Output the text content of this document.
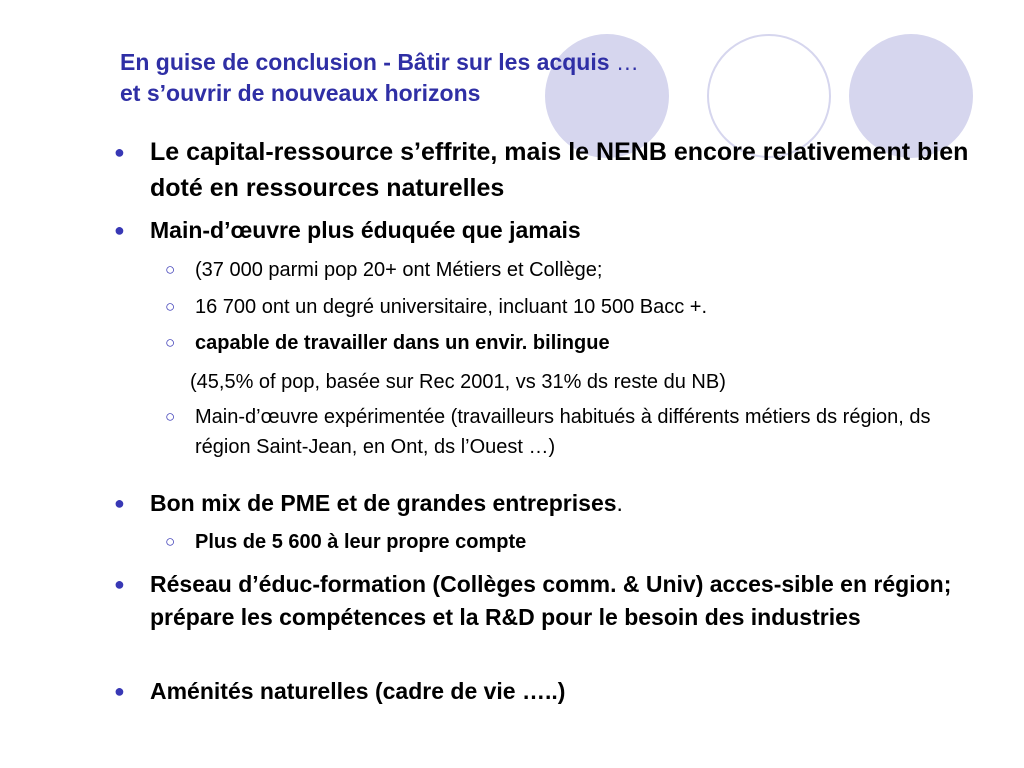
En guise de conclusion - Bâtir sur les acquis …
et s’ouvrir de nouveaux horizons
● Le capital-ressource s’effrite, mais le NENB encore relativement bien doté en ressources naturelles
● Main-d’œuvre plus éduquée que jamais
○ (37 000 parmi pop 20+ ont Métiers et Collège;
○ 16 700 ont un degré universitaire, incluant 10 500 Bacc +.
○ capable de travailler dans un envir. bilingue
(45,5% of pop, basée sur Rec 2001, vs 31% ds reste du NB)
○ Main-d’œuvre expérimentée (travailleurs habitués à différents métiers ds région, ds région Saint-Jean, en Ont, ds l’Ouest …)
● Bon mix de PME et de grandes entreprises.
○ Plus de 5 600 à leur propre compte
● Réseau d’éduc-formation (Collèges comm. & Univ) acces-sible en région; prépare les compétences et la R&D pour le besoin des industries
● Aménités naturelles (cadre de vie …..)
